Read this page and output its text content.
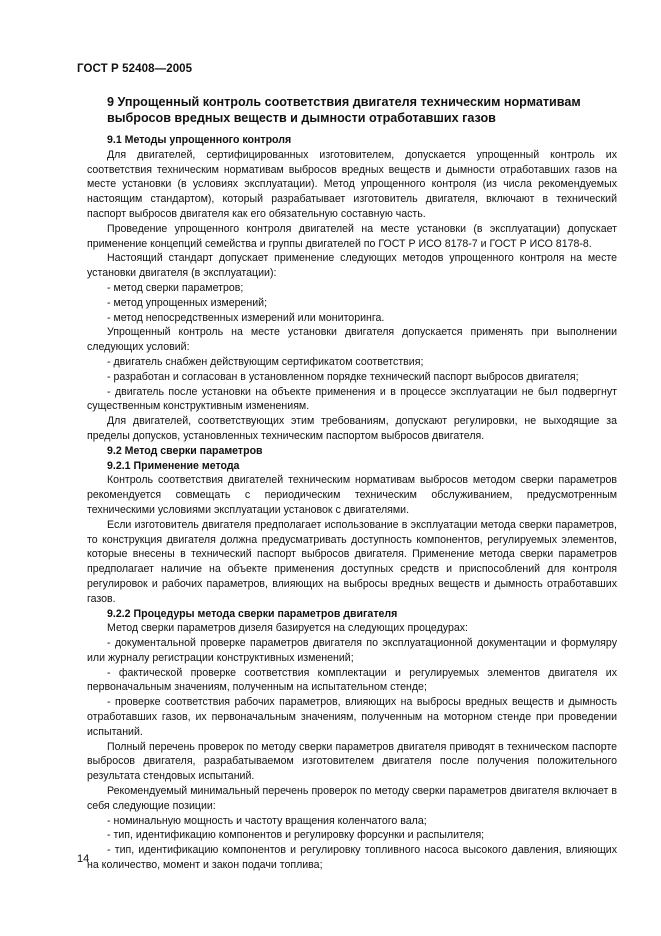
ГОСТ Р 52408—2005
9 Упрощенный контроль соответствия двигателя техническим нормативам
выбросов вредных веществ и дымности отработавших газов
9.1 Методы упрощенного контроля

Для двигателей, сертифицированных изготовителем, допускается упрощенный контроль их соответствия техническим нормативам выбросов вредных веществ и дымности отработавших газов на месте установки (в условиях эксплуатации). Метод упрощенного контроля (из числа рекомендуемых настоящим стандартом), который разрабатывает изготовитель двигателя, включают в технический паспорт выбросов двигателя как его обязательную составную часть.

Проведение упрощенного контроля двигателей на месте установки (в эксплуатации) допускает применение концепций семейства и группы двигателей по ГОСТ Р ИСО 8178-7 и ГОСТ Р ИСО 8178-8.

Настоящий стандарт допускает применение следующих методов упрощенного контроля на месте установки двигателя (в эксплуатации):

- метод сверки параметров;

- метод упрощенных измерений;

- метод непосредственных измерений или мониторинга.

Упрощенный контроль на месте установки двигателя допускается применять при выполнении следующих условий:

- двигатель снабжен действующим сертификатом соответствия;

- разработан и согласован в установленном порядке технический паспорт выбросов двигателя;

- двигатель после установки на объекте применения и в процессе эксплуатации не был подвергнут существенным конструктивным изменениям.

Для двигателей, соответствующих этим требованиям, допускают регулировки, не выходящие за пределы допусков, установленных техническим паспортом выбросов двигателя.

9.2 Метод сверки параметров
9.2.1 Применение метода

Контроль соответствия двигателей техническим нормативам выбросов методом сверки параметров рекомендуется совмещать с периодическим техническим обслуживанием, предусмотренным техническими условиями эксплуатации установок с двигателями.

Если изготовитель двигателя предполагает использование в эксплуатации метода сверки параметров, то конструкция двигателя должна предусматривать доступность компонентов, регулируемых элементов, которые внесены в технический паспорт выбросов двигателя. Применение метода сверки параметров предполагает наличие на объекте применения доступных средств и приспособлений для контроля регулировок и рабочих параметров, влияющих на выбросы вредных веществ и дымность отработавших газов.

9.2.2 Процедуры метода сверки параметров двигателя

Метод сверки параметров дизеля базируется на следующих процедурах:

- документальной проверке параметров двигателя по эксплуатационной документации и формуляру или журналу регистрации конструктивных изменений;

- фактической проверке соответствия комплектации и регулируемых элементов двигателя их первоначальным значениям, полученным на испытательном стенде;

- проверке соответствия рабочих параметров, влияющих на выбросы вредных веществ и дымность отработавших газов, их первоначальным значениям, полученным на моторном стенде при проведении испытаний.

Полный перечень проверок по методу сверки параметров двигателя приводят в техническом паспорте выбросов двигателя, разрабатываемом изготовителем двигателя после получения положительного результата стендовых испытаний.

Рекомендуемый минимальный перечень проверок по методу сверки параметров двигателя включает в себя следующие позиции:

- номинальную мощность и частоту вращения коленчатого вала;

- тип, идентификацию компонентов и регулировку форсунки и распылителя;

- тип, идентификацию компонентов и регулировку топливного насоса высокого давления, влияющих на количество, момент и закон подачи топлива;

14
